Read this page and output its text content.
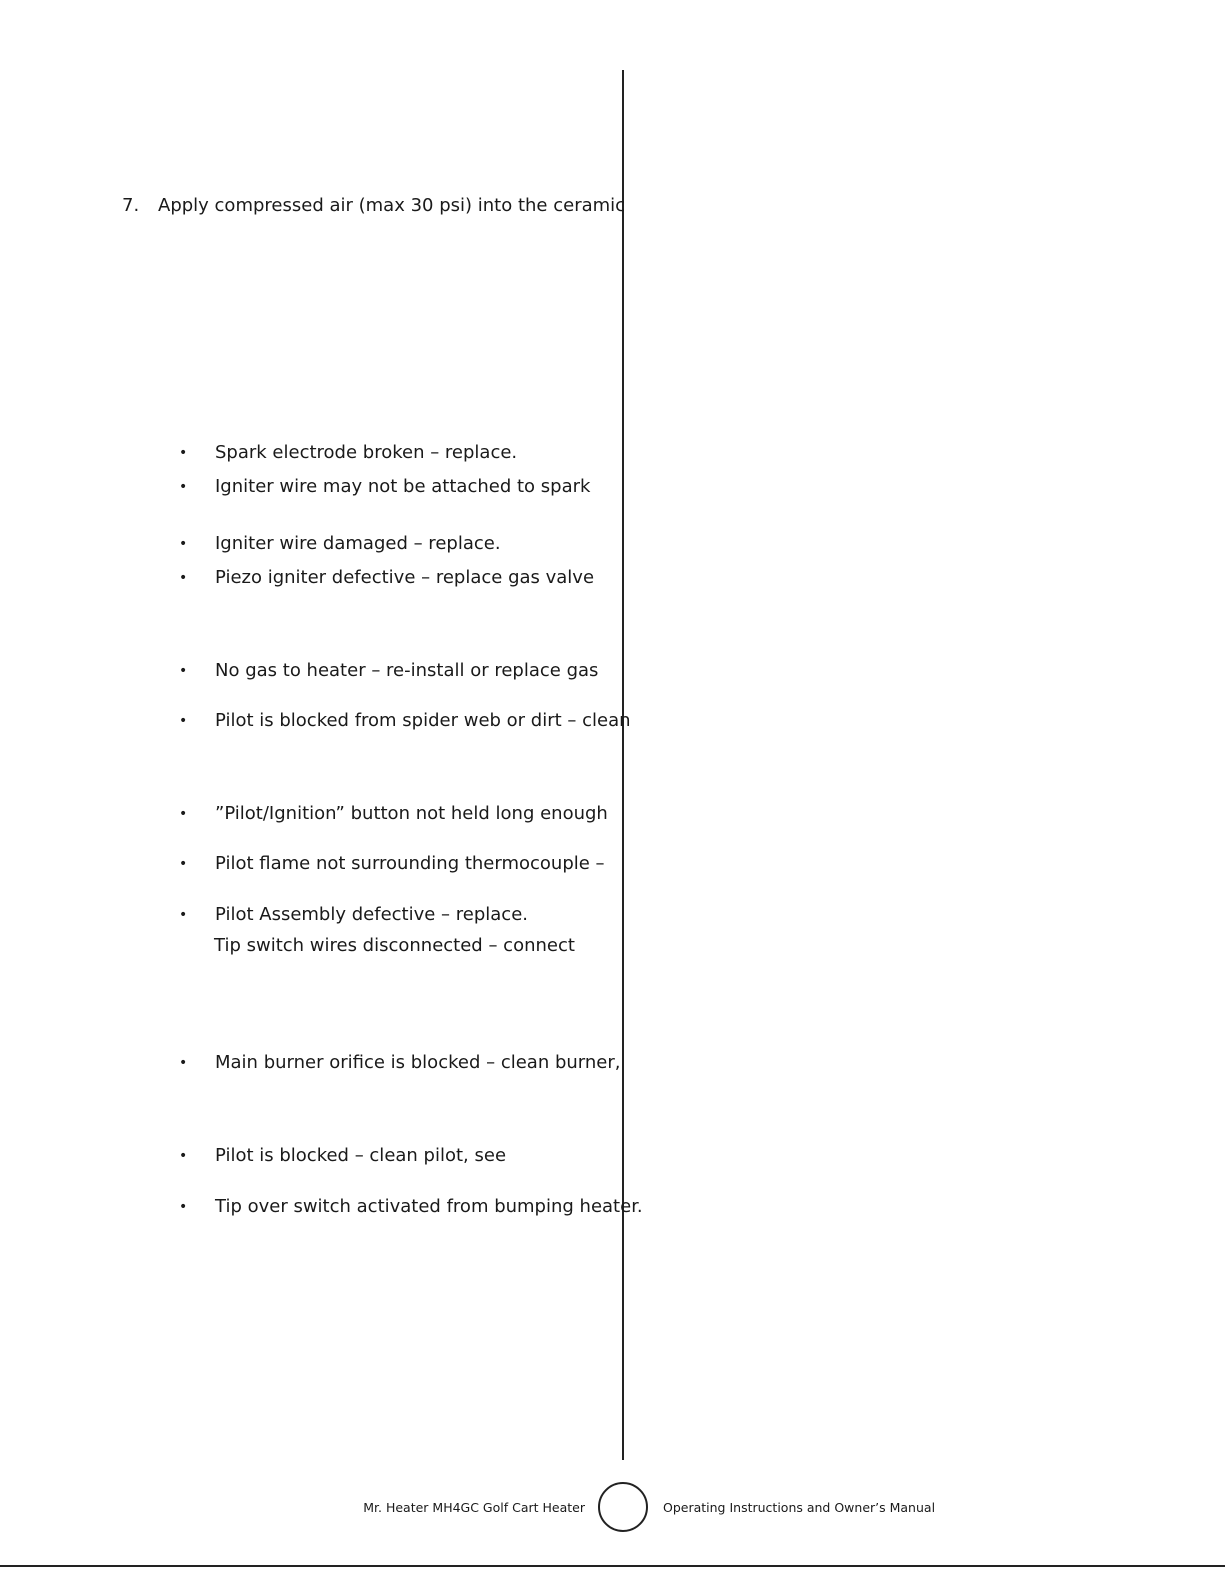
7. Apply compressed air (max 30 psi) into the ceramic
• Spark electrode broken – replace.
• Igniter wire may not be attached to spark
• Igniter wire damaged – replace.
• Piezo igniter defective – replace gas valve
• No gas to heater – re-install or replace gas
• Pilot is blocked from spider web or dirt – clean
• ”Pilot/Ignition” button not held long enough
• Pilot flame not surrounding thermocouple –
• Pilot Assembly defective – replace.
Tip switch wires disconnected – connect
• Main burner orifice is blocked – clean burner,
• Pilot is blocked – clean pilot, see
• Tip over switch activated from bumping heater.
Mr. Heater MH4GC Golf Cart Heater	Operating Instructions and Owner’s Manual
